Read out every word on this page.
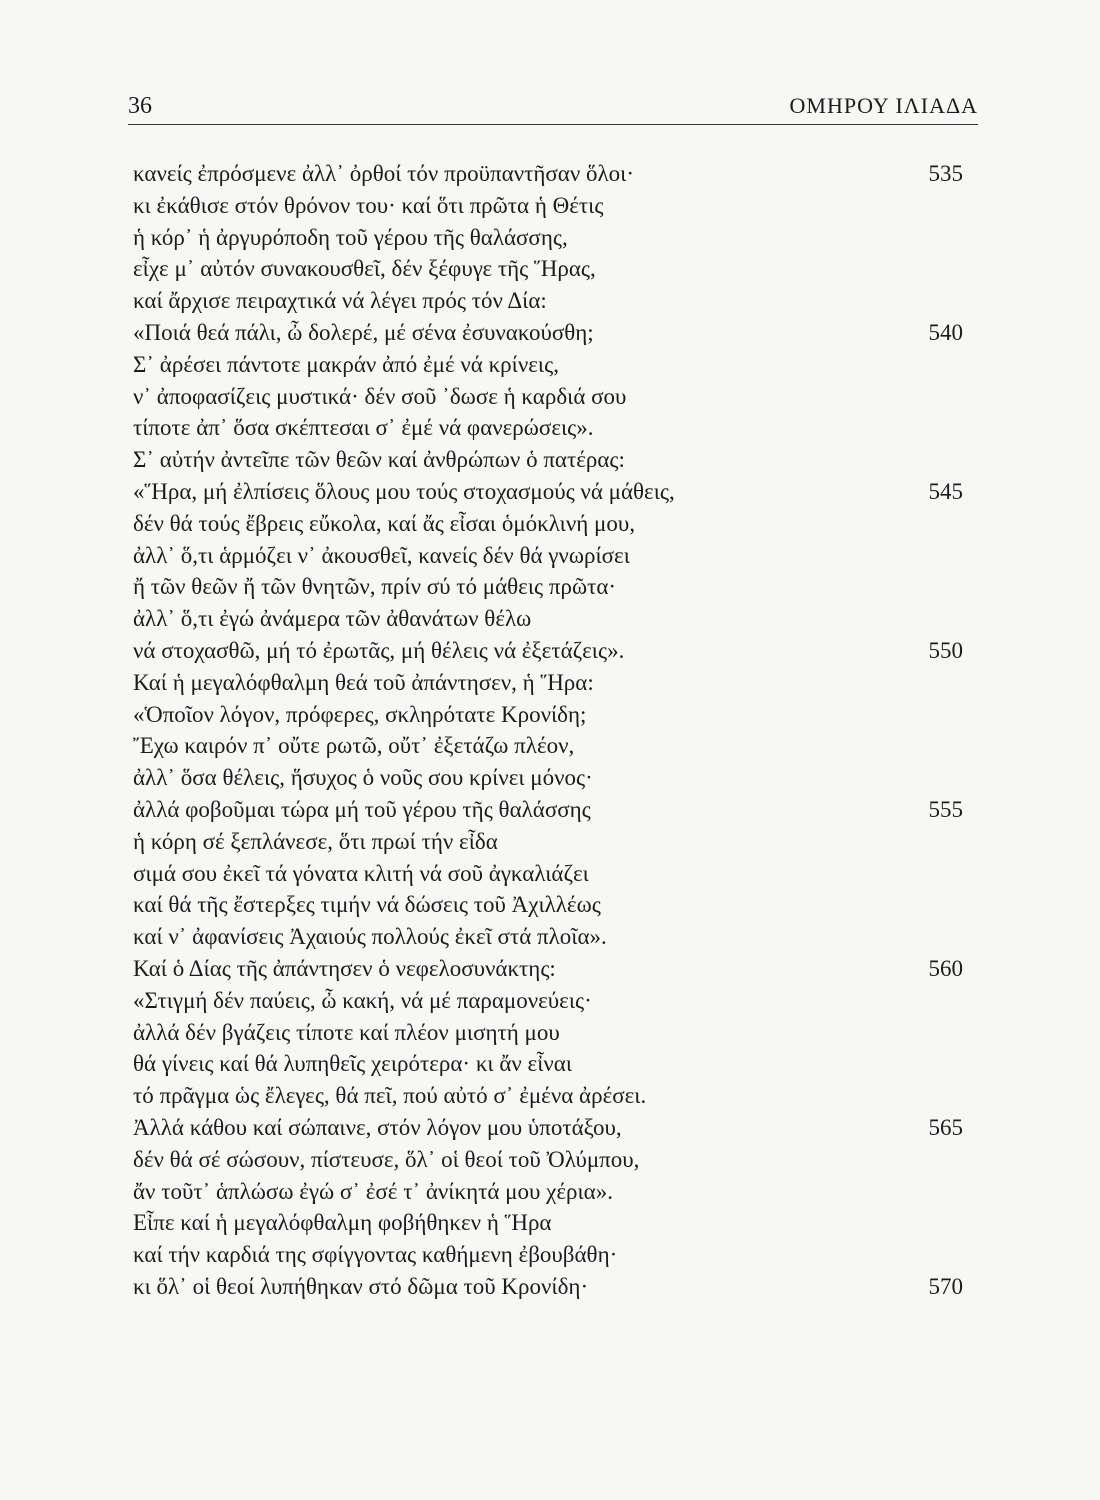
36	ΟΜΗΡΟΥ ΙΛΙΑΔΑ
κανείς ἐπρόσμενε ἀλλ᾽ ὀρθοί τόν προϋπαντῆσαν ὅλοι·	535
κι ἐκάθισε στόν θρόνον του· καί ὅτι πρῶτα ἡ Θέτις
ἡ κόρ᾽ ἡ ἀργυρόποδη τοῦ γέρου τῆς θαλάσσης,
εἶχε μ᾽ αὐτόν συνακουσθεῖ, δέν ξέφυγε τῆς Ἥρας,
καί ἄρχισε πειραχτικά νά λέγει πρός τόν Δία:
«Ποιά θεά πάλι, ὦ δολερέ, μέ σένα ἐσυνακούσθη;	540
Σ᾽ ἀρέσει πάντοτε μακράν ἀπό ἐμέ νά κρίνεις,
ν᾽ ἀποφασίζεις μυστικά· δέν σοῦ ᾽δωσε ἡ καρδιά σου
τίποτε ἀπ᾽ ὅσα σκέπτεσαι σ᾽ ἐμέ νά φανερώσεις».
Σ᾽ αὐτήν ἀντεῖπε τῶν θεῶν καί ἀνθρώπων ὁ πατέρας:
«Ἥρα, μή ἐλπίσεις ὅλους μου τούς στοχασμούς νά μάθεις,	545
δέν θά τούς ἔβρεις εὔκολα, καί ἄς εἶσαι ὁμόκλινή μου,
ἀλλ᾽ ὅ,τι ἁρμόζει ν᾽ ἀκουσθεῖ, κανείς δέν θά γνωρίσει
ἤ τῶν θεῶν ἤ τῶν θνητῶν, πρίν σύ τό μάθεις πρῶτα·
ἀλλ᾽ ὅ,τι ἐγώ ἀνάμερα τῶν ἀθανάτων θέλω
νά στοχασθῶ, μή τό ἐρωτᾶς, μή θέλεις νά ἐξετάζεις».	550
Καί ἡ μεγαλόφθαλμη θεά τοῦ ἀπάντησεν, ἡ Ἥρα:
«Ὁποῖον λόγον, πρόφερες, σκληρότατε Κρονίδη;
Ἔχω καιρόν π᾽ οὔτε ρωτῶ, οὔτ᾽ ἐξετάζω πλέον,
ἀλλ᾽ ὅσα θέλεις, ἥσυχος ὁ νοῦς σου κρίνει μόνος·
ἀλλά φοβοῦμαι τώρα μή τοῦ γέρου τῆς θαλάσσης	555
ἡ κόρη σέ ξεπλάνεσε, ὅτι πρωί τήν εἶδα
σιμά σου ἐκεῖ τά γόνατα κλιτή νά σοῦ ἀγκαλιάζει
καί θά τῆς ἔστερξες τιμήν νά δώσεις τοῦ Ἀχιλλέως
καί ν᾽ ἀφανίσεις Ἀχαιούς πολλούς ἐκεῖ στά πλοῖα».
Καί ὁ Δίας τῆς ἀπάντησεν ὁ νεφελοσυνάκτης:	560
«Στιγμή δέν παύεις, ὦ κακή, νά μέ παραμονεύεις·
ἀλλά δέν βγάζεις τίποτε καί πλέον μισητή μου
θά γίνεις καί θά λυπηθεῖς χειρότερα· κι ἄν εἶναι
τό πρᾶγμα ὡς ἔλεγες, θά πεῖ, πού αὐτό σ᾽ ἐμένα ἀρέσει.
Ἀλλά κάθου καί σώπαινε, στόν λόγον μου ὑποτάξου,	565
δέν θά σέ σώσουν, πίστευσε, ὅλ᾽ οἱ θεοί τοῦ Ὀλύμπου,
ἄν τοῦτ᾽ ἁπλώσω ἐγώ σ᾽ ἐσέ τ᾽ ἀνίκητά μου χέρια».
Εἶπε καί ἡ μεγαλόφθαλμη φοβήθηκεν ἡ Ἥρα
καί τήν καρδιά της σφίγγοντας καθήμενη ἐβουβάθη·
κι ὅλ᾽ οἱ θεοί λυπήθηκαν στό δῶμα τοῦ Κρονίδη·	570
